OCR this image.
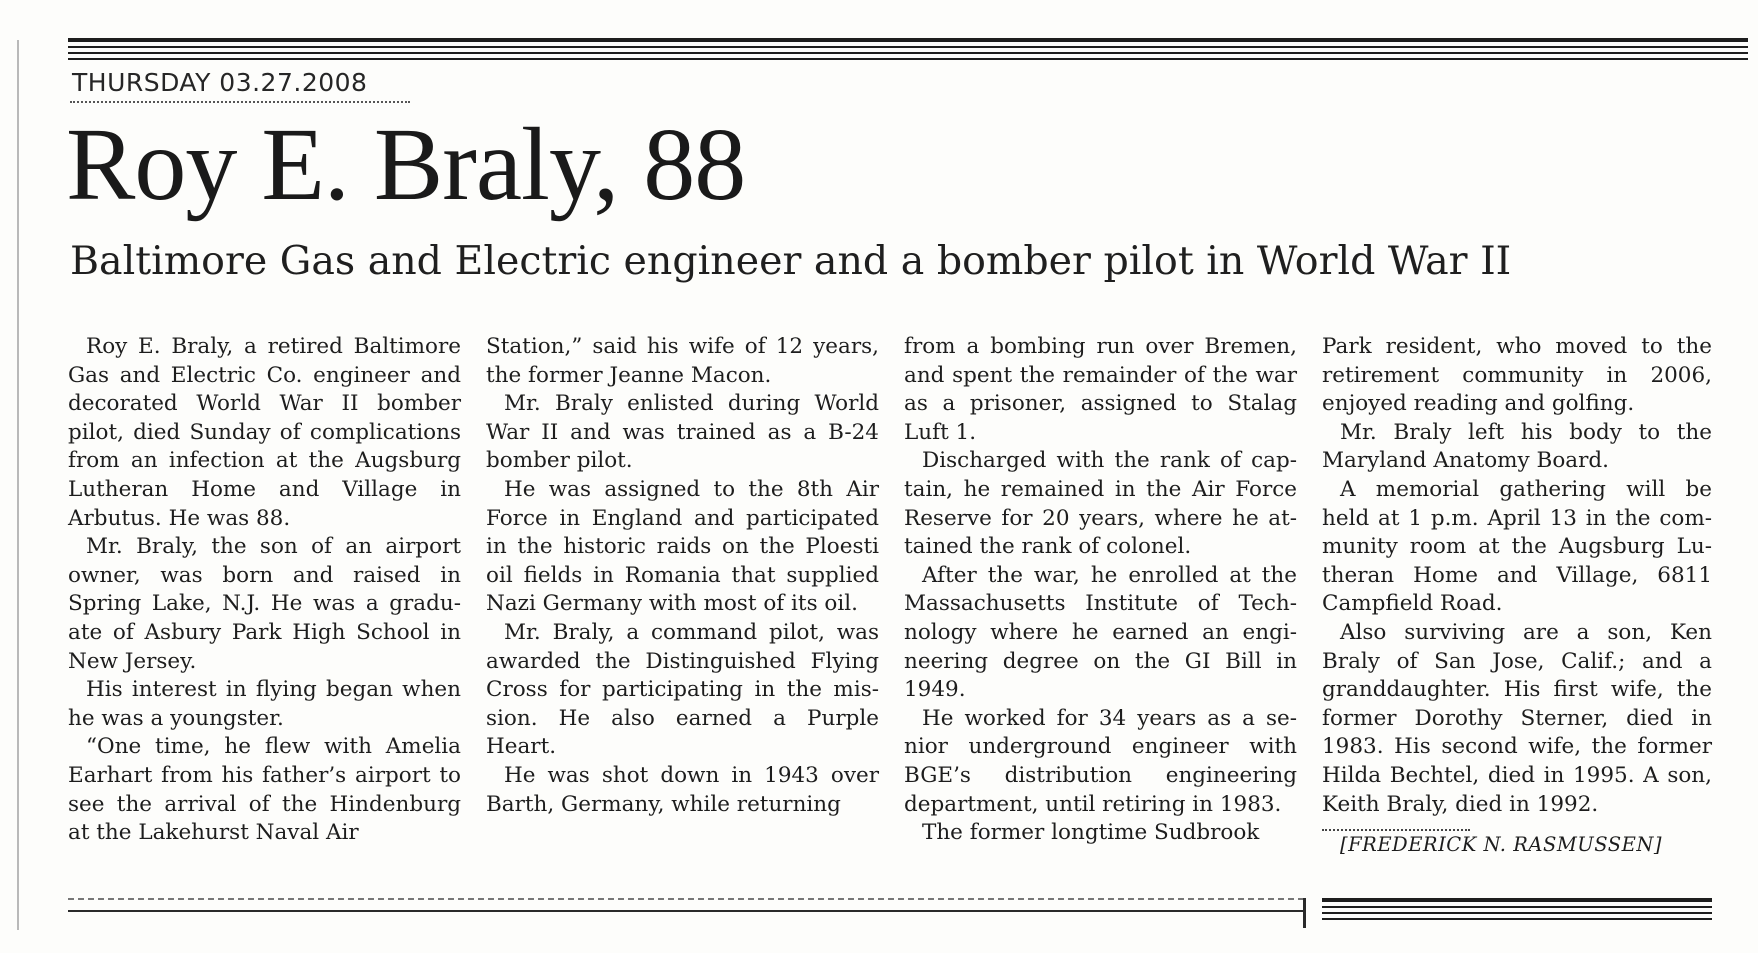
THURSDAY 03.27.2008
Roy E. Braly, 88
Baltimore Gas and Electric engineer and a bomber pilot in World War II

Roy E. Braly, a retired Baltimore Gas and Electric Co. engineer and decorated World War II bomber pilot, died Sunday of complications from an infection at the Augsburg Lutheran Home and Village in Arbutus. He was 88.

Mr. Braly, the son of an airport owner, was born and raised in Spring Lake, N.J. He was a graduate of Asbury Park High School in New Jersey.

His interest in flying began when he was a youngster.

“One time, he flew with Amelia Earhart from his father’s airport to see the arrival of the Hindenburg at the Lakehurst Naval Air

Station,” said his wife of 12 years, the former Jeanne Macon.

Mr. Braly enlisted during World War II and was trained as a B-24 bomber pilot.

He was assigned to the 8th Air Force in England and participated in the historic raids on the Ploesti oil fields in Romania that supplied Nazi Germany with most of its oil.

Mr. Braly, a command pilot, was awarded the Distinguished Flying Cross for participating in the mission. He also earned a Purple Heart.

He was shot down in 1943 over Barth, Germany, while returning

from a bombing run over Bremen, and spent the remainder of the war as a prisoner, assigned to Stalag Luft 1.

Discharged with the rank of captain, he remained in the Air Force Reserve for 20 years, where he attained the rank of colonel.

After the war, he enrolled at the Massachusetts Institute of Technology where he earned an engineering degree on the GI Bill in 1949.

He worked for 34 years as a senior underground engineer with BGE’s distribution engineering department, until retiring in 1983.

The former longtime Sudbrook

Park resident, who moved to the retirement community in 2006, enjoyed reading and golfing.

Mr. Braly left his body to the Maryland Anatomy Board.

A memorial gathering will be held at 1 p.m. April 13 in the community room at the Augsburg Lutheran Home and Village, 6811 Campfield Road.

Also surviving are a son, Ken Braly of San Jose, Calif.; and a granddaughter. His first wife, the former Dorothy Sterner, died in 1983. His second wife, the former Hilda Bechtel, died in 1995. A son, Keith Braly, died in 1992.

[FREDERICK N. RASMUSSEN]
